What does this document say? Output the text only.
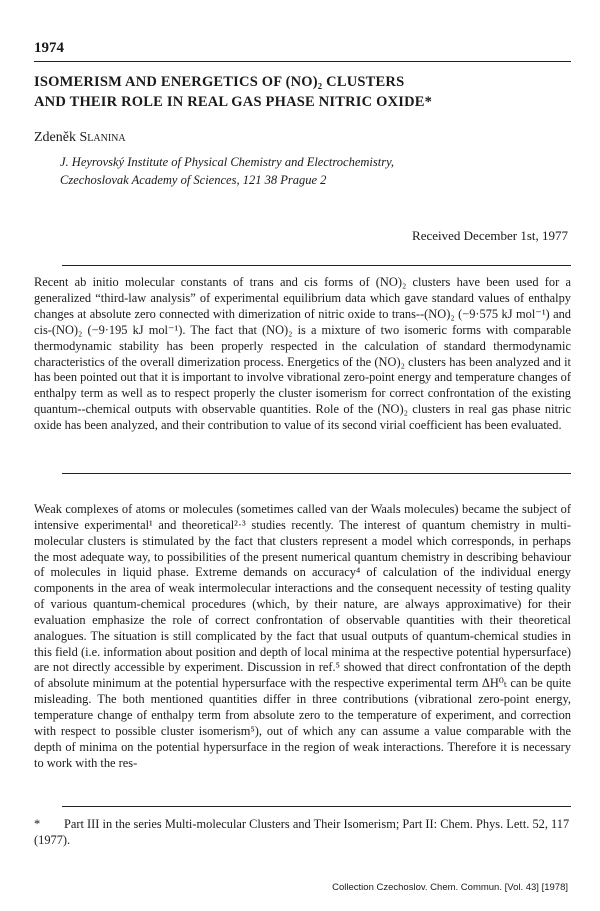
1974
ISOMERISM AND ENERGETICS OF (NO)₂ CLUSTERS
AND THEIR ROLE IN REAL GAS PHASE NITRIC OXIDE*
Zdeněk Slanina
J. Heyrovský Institute of Physical Chemistry and Electrochemistry,
Czechoslovak Academy of Sciences, 121 38 Prague 2
Received December 1st, 1977

Recent ab initio molecular constants of trans and cis forms of (NO)₂ clusters have been used for a generalized “third-law analysis” of experimental equilibrium data which gave standard values of enthalpy changes at absolute zero connected with dimerization of nitric oxide to trans--(NO)₂ (−9·575 kJ mol⁻¹) and cis-(NO)₂ (−9·195 kJ mol⁻¹). The fact that (NO)₂ is a mixture of two isomeric forms with comparable thermodynamic stability has been properly respected in the calculation of standard thermodynamic characteristics of the overall dimerization process. Energetics of the (NO)₂ clusters has been analyzed and it has been pointed out that it is important to involve vibrational zero-point energy and temperature changes of enthalpy term as well as to respect properly the cluster isomerism for correct confrontation of the existing quantum--chemical outputs with observable quantities. Role of the (NO)₂ clusters in real gas phase nitric oxide has been analyzed, and their contribution to value of its second virial coefficient has been evaluated.

Weak complexes of atoms or molecules (sometimes called van der Waals molecules) became the subject of intensive experimental¹ and theoretical²·³ studies recently. The interest of quantum chemistry in multi-molecular clusters is stimulated by the fact that clusters represent a model which corresponds, in perhaps the most adequate way, to possibilities of the present numerical quantum chemistry in describing behaviour of molecules in liquid phase. Extreme demands on accuracy⁴ of calculation of the individual energy components in the area of weak intermolecular interactions and the consequent necessity of testing quality of various quantum-chemical procedures (which, by their nature, are always approximative) for their evaluation emphasize the role of correct confrontation of observable quantities with their theoretical analogues. The situation is still complicated by the fact that usual outputs of quantum-chemical studies in this field (i.e. information about position and depth of local minima at the respective potential hypersurface) are not directly accessible by experiment. Discussion in ref.⁵ showed that direct confrontation of the depth of absolute minimum at the potential hypersurface with the respective experimental term ΔH⁰ₜ can be quite misleading. The both mentioned quantities differ in three contributions (vibrational zero-point energy, temperature change of enthalpy term from absolute zero to the temperature of experiment, and correction with respect to possible cluster isomerism⁵), out of which any can assume a value comparable with the depth of minima on the potential hypersurface in the region of weak interactions. Therefore it is necessary to work with the res-

* Part III in the series Multi-molecular Clusters and Their Isomerism; Part II: Chem. Phys. Lett. 52, 117 (1977).
Collection Czechoslov. Chem. Commun. [Vol. 43] [1978]
